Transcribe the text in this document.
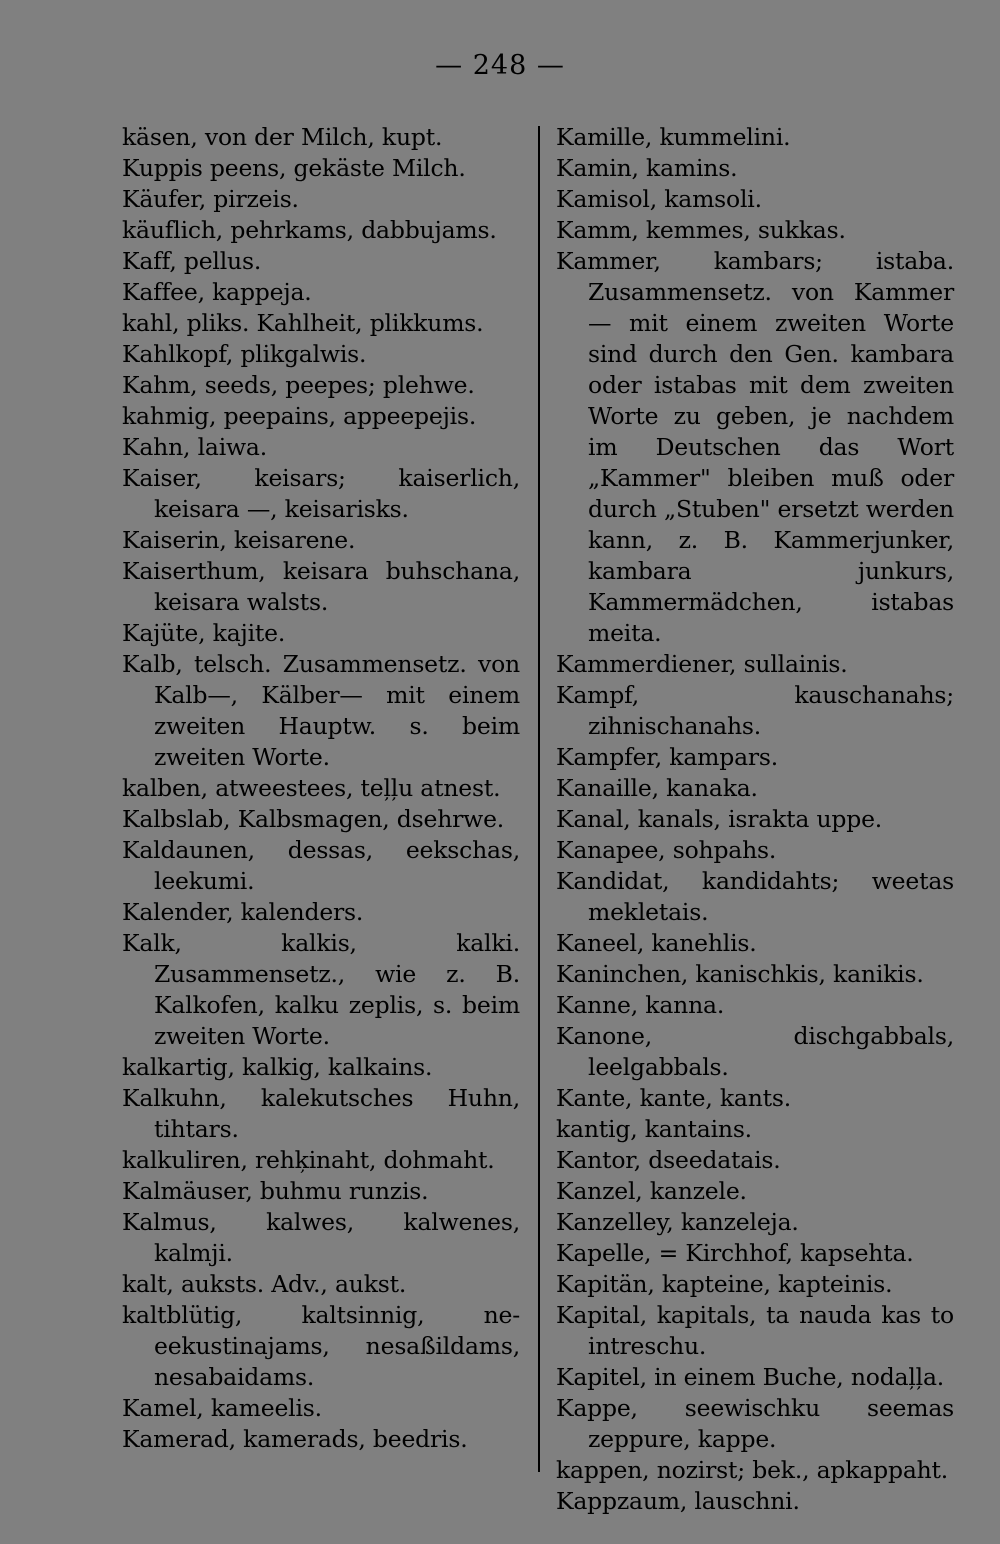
— 248 —
käsen, von der Milch, kupt.
Kuppis peens, gekäste Milch.
Käufer, pirzeis.
käuflich, pehrkams, dabbujams.
Kaff, pellus.
Kaffee, kappeja.
kahl, pliks. Kahlheit, plikkums.
Kahlkopf, plikgalwis.
Kahm, seeds, peepes; plehwe.
kahmig, peepains, appeepejis.
Kahn, laiwa.
Kaiser, keisars; kaiserlich, keisara —, keisarisks.
Kaiserin, keisarene.
Kaiserthum, keisara buhschana, keisara walsts.
Kajüte, kajite.
Kalb, telsch. Zusammensetz. von Kalb—, Kälber— mit einem zweiten Hauptw. s. beim zweiten Worte.
kalben, atweestees, teļļu atnest.
Kalbslab, Kalbsmagen, dsehrwe.
Kaldaunen, dessas, eekschas, leekumi.
Kalender, kalenders.
Kalk, kalkis, kalki. Zusammensetz., wie z. B. Kalkofen, kalku zeplis, s. beim zweiten Worte.
kalkartig, kalkig, kalkains.
Kalkuhn, kalekutsches Huhn, tihtars.
kalkuliren, rehķinaht, dohmaht.
Kalmäuser, buhmu runzis.
Kalmus, kalwes, kalwenes, kalmji.
kalt, auksts. Adv., aukst.
kaltblütig, kaltsinnig, ne-eekustinajams, nesaßildams, nesabaidams.
Kamel, kameelis.
Kamerad, kamerads, beedris.
Kamille, kummelini.
Kamin, kamins.
Kamisol, kamsoli.
Kamm, kemmes, sukkas.
Kammer, kambars; istaba. Zusammensetz. von Kammer — mit einem zweiten Worte sind durch den Gen. kambara oder istabas mit dem zweiten Worte zu geben, je nachdem im Deutschen das Wort „Kammer" bleiben muß oder durch „Stuben" ersetzt werden kann, z. B. Kammerjunker, kambara junkurs, Kammermädchen, istabas meita.
Kammerdiener, sullainis.
Kampf, kauschanahs; zihnischanahs.
Kampfer, kampars.
Kanaille, kanaka.
Kanal, kanals, israkta uppe.
Kanapee, sohpahs.
Kandidat, kandidahts; weetas mekletais.
Kaneel, kanehlis.
Kaninchen, kanischkis, kanikis.
Kanne, kanna.
Kanone, dischgabbals, leelgabbals.
Kante, kante, kants.
kantig, kantains.
Kantor, dseedatais.
Kanzel, kanzele.
Kanzelley, kanzeleja.
Kapelle, = Kirchhof, kapsehta.
Kapitän, kapteine, kapteinis.
Kapital, kapitals, ta nauda kas to intreschu.
Kapitel, in einem Buche, nodaļļa.
Kappe, seewischku seemas zeppure, kappe.
kappen, nozirst; bek., apkappaht.
Kappzaum, lauschni.
